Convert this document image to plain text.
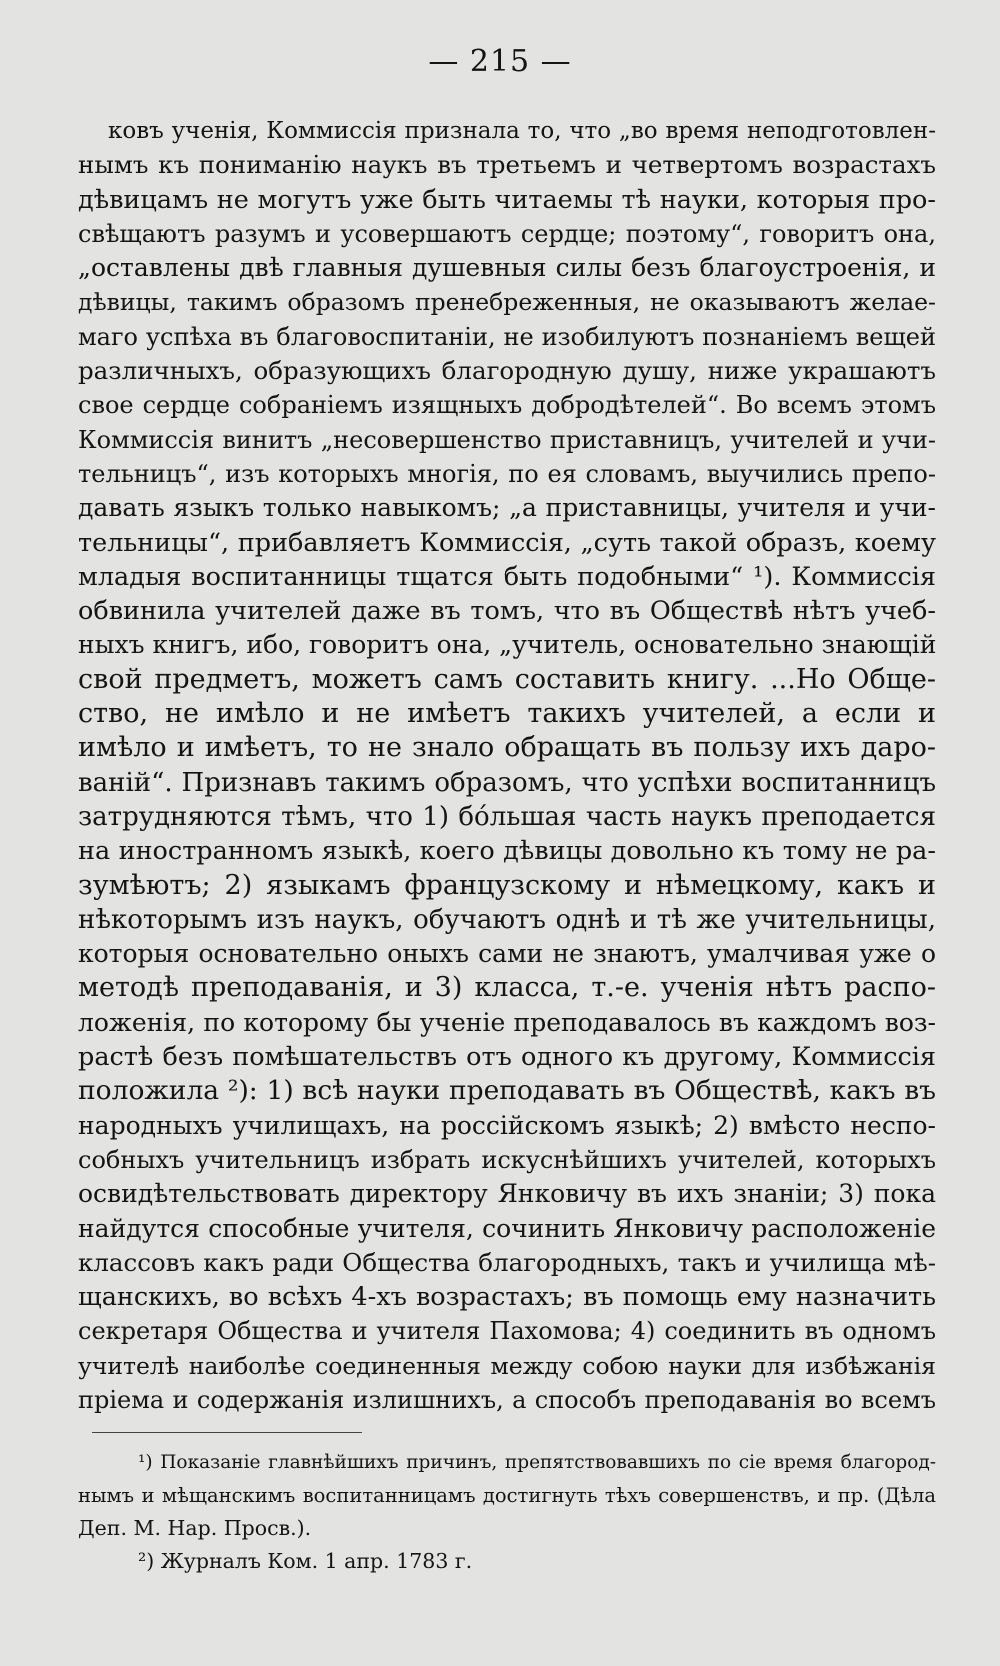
— 215 —
ковъ ученія, Коммиссія признала то, что „во время неподготовлен-
нымъ къ пониманію наукъ въ третьемъ и четвертомъ возрастахъ
дѣвицамъ не могутъ уже быть читаемы тѣ науки, которыя про-
свѣщаютъ разумъ и усовершаютъ сердце; поэтому“, говоритъ она,
„оставлены двѣ главныя душевныя силы безъ благоустроенія, и
дѣвицы, такимъ образомъ пренебреженныя, не оказываютъ желае-
маго успѣха въ благовоспитаніи, не изобилуютъ познаніемъ вещей
различныхъ, образующихъ благородную душу, ниже украшаютъ
свое сердце собраніемъ изящныхъ добродѣтелей“. Во всемъ этомъ
Коммиссія винитъ „несовершенство приставницъ, учителей и учи-
тельницъ“, изъ которыхъ многія, по ея словамъ, выучились препо-
давать языкъ только навыкомъ; „а приставницы, учителя и учи-
тельницы“, прибавляетъ Коммиссія, „суть такой образъ, коему
младыя воспитанницы тщатся быть подобными“ ¹). Коммиссія
обвинила учителей даже въ томъ, что въ Обществѣ нѣтъ учеб-
ныхъ книгъ, ибо, говоритъ она, „учитель, основательно знающій
свой предметъ, можетъ самъ составить книгу. ...Но Обще-
ство, не имѣло и не имѣетъ такихъ учителей, а если и
имѣло и имѣетъ, то не знало обращать въ пользу ихъ даро-
ваній“. Признавъ такимъ образомъ, что успѣхи воспитанницъ
затрудняются тѣмъ, что 1) бóльшая часть наукъ преподается
на иностранномъ языкѣ, коего дѣвицы довольно къ тому не ра-
зумѣютъ; 2) языкамъ французскому и нѣмецкому, какъ и
нѣкоторымъ изъ наукъ, обучаютъ однѣ и тѣ же учительницы,
которыя основательно оныхъ сами не знаютъ, умалчивая уже о
методѣ преподаванія, и 3) класса, т.-е. ученія нѣтъ распо-
ложенія, по которому бы ученіе преподавалось въ каждомъ воз-
растѣ безъ помѣшательствъ отъ одного къ другому, Коммиссія
положила ²): 1) всѣ науки преподавать въ Обществѣ, какъ въ
народныхъ училищахъ, на россійскомъ языкѣ; 2) вмѣсто неспо-
собныхъ учительницъ избрать искуснѣйшихъ учителей, которыхъ
освидѣтельствовать директору Янковичу въ ихъ знаніи; 3) пока
найдутся способные учителя, сочинить Янковичу расположеніе
классовъ какъ ради Общества благородныхъ, такъ и училища мѣ-
щанскихъ, во всѣхъ 4-хъ возрастахъ; въ помощь ему назначить
секретаря Общества и учителя Пахомова; 4) соединить въ одномъ
учителѣ наиболѣе соединенныя между собою науки для избѣжанія
пріема и содержанія излишнихъ, а способъ преподаванія во всемъ
¹) Показаніе главнѣйшихъ причинъ, препятствовавшихъ по сіе время благород-
нымъ и мѣщанскимъ воспитанницамъ достигнуть тѣхъ совершенствъ, и пр. (Дѣла
Деп. М. Нар. Просв.).
²) Журналъ Ком. 1 апр. 1783 г.
